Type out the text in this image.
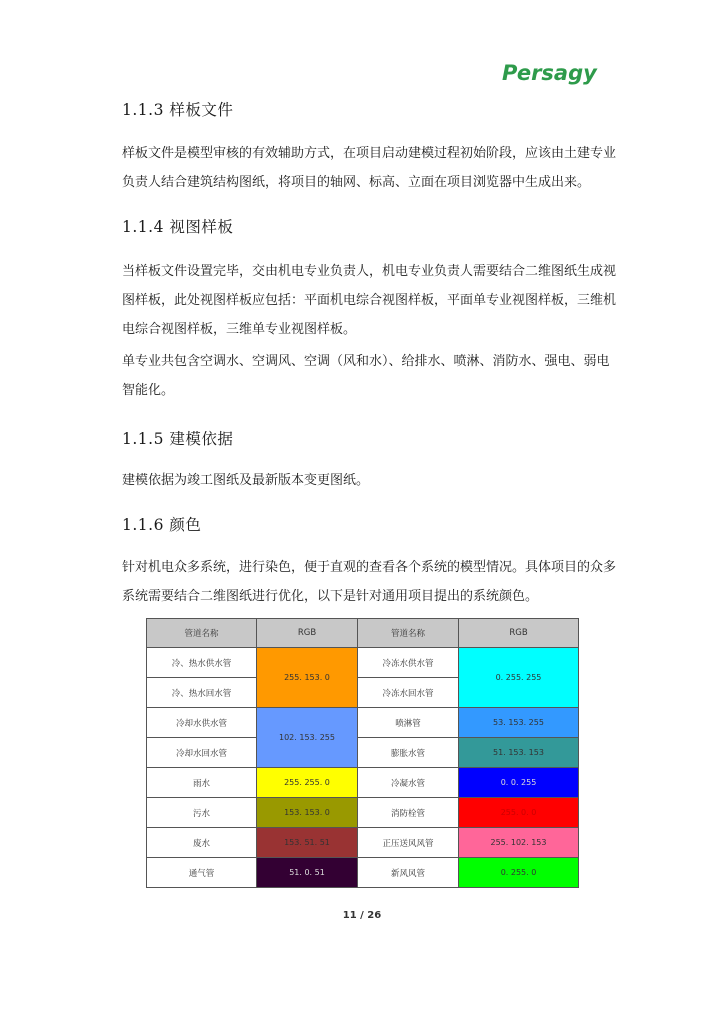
Persagy
1.1.3 样板文件
样板文件是模型审核的有效辅助方式，在项目启动建模过程初始阶段，应该由土建专业
负责人结合建筑结构图纸，将项目的轴网、标高、立面在项目浏览器中生成出来。
1.1.4 视图样板
当样板文件设置完毕，交由机电专业负责人，机电专业负责人需要结合二维图纸生成视
图样板，此处视图样板应包括：平面机电综合视图样板，平面单专业视图样板，三维机
电综合视图样板，三维单专业视图样板。
单专业共包含空调水、空调风、空调（风和水）、给排水、喷淋、消防水、强电、弱电
智能化。
1.1.5 建模依据
建模依据为竣工图纸及最新版本变更图纸。
1.1.6 颜色
针对机电众多系统，进行染色，便于直观的查看各个系统的模型情况。具体项目的众多
系统需要结合二维图纸进行优化，以下是针对通用项目提出的系统颜色。
管道名称	RGB	管道名称	RGB
冷、热水供水管	255. 153. 0	冷冻水供水管	0. 255. 255
冷、热水回水管		冷冻水回水管	
冷却水供水管	102. 153. 255	喷淋管	53. 153. 255
冷却水回水管		膨胀水管	51. 153. 153
雨水	255. 255. 0	冷凝水管	0. 0. 255
污水	153. 153. 0	消防栓管	255. 0. 0
废水	153. 51. 51	正压送风风管	255. 102. 153
通气管	51. 0. 51	新风风管	0. 255. 0
11 / 26
